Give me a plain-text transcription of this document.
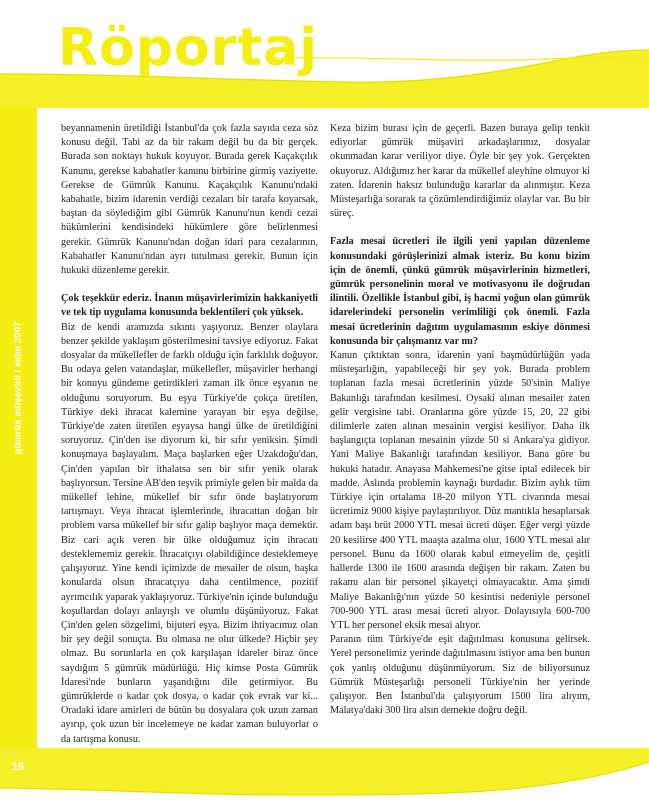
Röportaj
gümrük müşavirli / ekim 2007

beyannamenin üretildiği İstanbul'da çok fazla sayıda ceza söz konusu değil. Tabi az da bir rakam değil bu da bir gerçek. Burada son noktayı hukuk koyuyor. Burada gerek Kaçakçılık Kanunu, gerekse kabahatler kanunu birbirine girmiş vaziyette. Gerekse de Gümrük Kanunu. Kaçakçılık Kanunu'ndaki kabahatle, bizim idarenin verdiği cezaları bir tarafa koyarsak, baştan da söylediğim gibi Gümrük Kanunu'nun kendi cezai hükümlerini kendisindeki hükümlere göre belirlenmesi gerekir. Gümrük Kanunu'ndan doğan idari para cezalarının, Kabahatler Kanunu'ndan ayrı tutulması gerekir. Bunun için hukuki düzenleme gerekir.

Çok teşekkür ederiz. İnanın müşavirlerimizin hakkaniyetli ve tek tip uygulama konusunda beklentileri çok yüksek.

Biz de kendi aramızda sıkıntı yaşıyoruz. Benzer olaylara benzer şekilde yaklaşım gösterilmesini tavsiye ediyoruz. Fakat dosyalar da mükellefler de farklı olduğu için farklılık doğuyor. Bu odaya gelen vatandaşlar, mükellefler, müşavirler herhangi bir konuyu gündeme getirdikleri zaman ilk önce eşyanın ne olduğunu soruyorum. Bu eşya Türkiye'de çokça üretilen, Türkiye deki ihracat kalemine yarayan bir eşya değilse, Türkiye'de zaten üretilen eşyaysa hangi ülke de üretildiğini soruyoruz. Çin'den ise diyorum ki, bir sıfır yeniksin. Şimdi konuşmaya başlayalım. Maça başlarken eğer Uzakdoğu'dan, Çin'den yapılan bir ithalatsa sen bir sıfır yenik olarak başlıyorsun. Tersine AB'den teşvik primiyle gelen bir malda da mükellef lehine, mükellef bir sıfır önde başlatıyorum tartışmayı. Veya ihracat işlemlerinde, ihracattan doğan bir problem varsa mükellef bir sıfır galip başlıyor maça demektir. Biz cari açık veren bir ülke olduğumuz için ihracatı desteklememiz gerekir. İhracatçıyı olabildiğince desteklemeye çalışıyoruz. Yine kendi içimizde de mesailer de olsun, başka konularda olsun ihracatçıya daha centilmence, pozitif ayrımcılık yaparak yaklaşıyoruz. Türkiye'nin içinde bulunduğu koşullardan dolayı anlayışlı ve olumlu düşünüyoruz. Fakat Çin'den gelen sözgelimi, bijuteri eşya. Bizim ihtiyacımız olan bir şey değil sonuçta. Bu olmasa ne olur ülkede? Hiçbir şey olmaz. Bu sorunlarla en çok karşılaşan idareler biraz önce saydığım 5 gümrük müdürlüğü. Hiç kimse Posta Gümrük İdaresi'nde bunların yaşandığını dile getirmiyor. Bu gümrüklerde o kadar çok dosya, o kadar çok evrak var ki... Oradaki idare amirleri de bütün bu dosyalara çok uzun zaman ayırıp, çok uzun bir incelemeye ne kadar zaman buluyorlar o da tartışma konusu.

Keza bizim burası için de geçerli. Bazen buraya gelip tenkit ediyorlar gümrük müşaviri arkadaşlarımız, dosyalar okunmadan karar veriliyor diye. Öyle bir şey yok. Gerçekten okuyoruz. Aldığımız her karar da mükellef aleyhine olmuyor ki zaten. İdarenin haksız bulunduğu kararlar da alınmıştır. Keza Müsteşarlığa sorarak ta çözümlendirdiğimiz olaylar var. Bu bir süreç.

Fazla mesai ücretleri ile ilgili yeni yapılan düzenleme konusundaki görüşlerinizi almak isteriz. Bu konu bizim için de önemli, çünkü gümrük müşavirlerinin hizmetleri, gümrük personelinin moral ve motivasyonu ile doğrudan ilintili. Özellikle İstanbul gibi, iş hacmi yoğun olan gümrük idarelerindeki personelin verimliliği çok önemli. Fazla mesai ücretlerinin dağıtım uygulamasının eskiye dönmesi konusunda bir çalışmanız var mı?

Kanun çıktıktan sonra, idarenin yani başmüdürlüğün yada müsteşarlığın, yapabileceği bir şey yok. Burada problem toplanan fazla mesai ücretlerinin yüzde 50'sinin Maliye Bakanlığı tarafından kesilmesi. Oysaki alınan mesailer zaten gelir vergisine tabi. Oranlarına göre yüzde 15, 20, 22 gibi dilimlerle zaten alınan mesainin vergisi kesiliyor. Daha ilk başlangıçta toplanan mesainin yüzde 50 si Ankara'ya gidiyor. Yani Maliye Bakanlığı tarafından kesiliyor. Bana göre bu hukuki hatadır. Anayasa Mahkemesi'ne gitse iptal edilecek bir madde. Aslında problemin kaynağı burdadır. Bizim aylık tüm Türkiye için ortalama 18-20 milyon YTL civarında mesai ücretimiz 9000 kişiye paylaştırılıyor. Düz mantıkla hesaplarsak adam başı brüt 2000 YTL mesai ücreti düşer. Eğer vergi yüzde 20 kesilirse 400 YTL maaşta azalma olur, 1600 YTL mesai alır personel. Bunu da 1600 olarak kabul etmeyelim de, çeşitli hallerde 1300 ile 1600 arasında değişen bir rakam. Zaten bu rakamı alan bir personel şikayetçi olmayacaktır. Ama şimdi Maliye Bakanlığı'nın yüzde 50 kesintisi nedeniyle personel 700-900 YTL arası mesai ücreti alıyor. Dolayısıyla 600-700 YTL her personel eksik mesai alıyor.

Paranın tüm Türkiye'de eşit dağıtılması konusuna gelirsek. Yerel personelimiz yerinde dağıtılmasını istiyor ama ben bunun çok yanlış olduğunu düşünmüyorum. Siz de biliyorsunuz Gümrük Müsteşarlığı personeli Türkiye'nin her yerinde çalışıyor. Ben İstanbul'da çalışıyorum 1500 lira alıyım, Malatya'daki 300 lira alsın demekte doğru değil.

16
